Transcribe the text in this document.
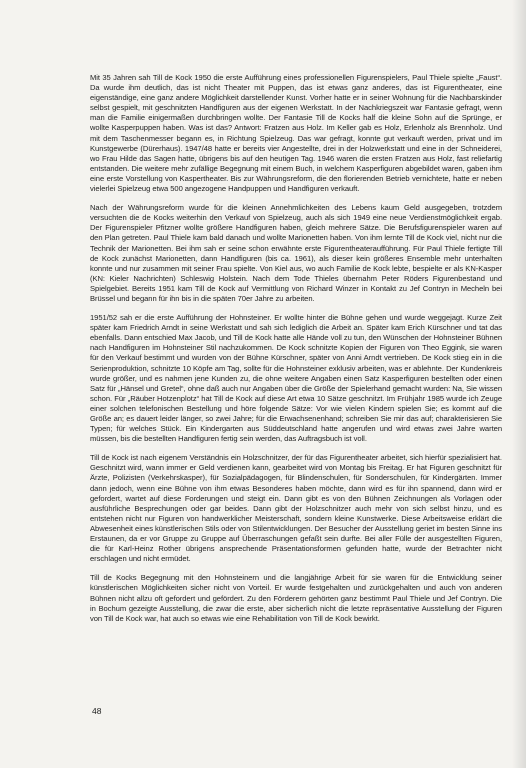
Mit 35 Jahren sah Till de Kock 1950 die erste Aufführung eines professionellen Figurenspielers, Paul Thiele spielte „Faust“. Da wurde ihm deutlich, das ist nicht Theater mit Puppen, das ist etwas ganz anderes, das ist Figurentheater, eine eigenständige, eine ganz andere Möglichkeit darstellender Kunst. Vorher hatte er in seiner Wohnung für die Nachbarskinder selbst gespielt, mit geschnitzten Handfiguren aus der eigenen Werkstatt. In der Nachkriegszeit war Fantasie gefragt, wenn man die Familie einigermaßen durchbringen wollte. Der Fantasie Till de Kocks half die kleine Sohn auf die Sprünge, er wollte Kasperpuppen haben. Was ist das? Antwort: Fratzen aus Holz. Im Keller gab es Holz, Erlenholz als Brennholz. Und mit dem Taschenmesser begann es, in Richtung Spielzeug. Das war gefragt, konnte gut verkauft werden, privat und im Kunstgewerbe (Dürerhaus). 1947/48 hatte er bereits vier Angestellte, drei in der Holzwerkstatt und eine in der Schneiderei, wo Frau Hilde das Sagen hatte, übrigens bis auf den heutigen Tag. 1946 waren die ersten Fratzen aus Holz, fast reliefartig entstanden. Die weitere mehr zufällige Begegnung mit einem Buch, in welchem Kasperfiguren abgebildet waren, gaben ihm eine erste Vorstellung von Kaspertheater. Bis zur Währungsreform, die den florierenden Betrieb vernichtete, hatte er neben vielerlei Spielzeug etwa 500 angezogene Handpuppen und Handfiguren verkauft.

Nach der Währungsreform wurde für die kleinen Annehmlichkeiten des Lebens kaum Geld ausgegeben, trotzdem versuchten die de Kocks weiterhin den Verkauf von Spielzeug, auch als sich 1949 eine neue Verdienstmöglichkeit ergab. Der Figurenspieler Pfitzner wollte größere Handfiguren haben, gleich mehrere Sätze. Die Berufsfigurenspieler waren auf den Plan getreten. Paul Thiele kam bald danach und wollte Marionetten haben. Von ihm lernte Till de Kock viel, nicht nur die Technik der Marionetten. Bei ihm sah er seine schon erwähnte erste Figurentheateraufführung. Für Paul Thiele fertigte Till de Kock zunächst Marionetten, dann Handfiguren (bis ca. 1961), als dieser kein größeres Ensemble mehr unterhalten konnte und nur zusammen mit seiner Frau spielte. Von Kiel aus, wo auch Familie de Kock lebte, bespielte er als KN-Kasper (KN: Kieler Nachrichten) Schleswig Holstein. Nach dem Tode Thieles übernahm Peter Röders Figurenbestand und Spielgebiet. Bereits 1951 kam Till de Kock auf Vermittlung von Richard Winzer in Kontakt zu Jef Contryn in Mecheln bei Brüssel und begann für ihn bis in die späten 70er Jahre zu arbeiten.

1951/52 sah er die erste Aufführung der Hohnsteiner. Er wollte hinter die Bühne gehen und wurde weggejagt. Kurze Zeit später kam Friedrich Arndt in seine Werkstatt und sah sich lediglich die Arbeit an. Später kam Erich Kürschner und tat das ebenfalls. Dann entschied Max Jacob, und Till de Kock hatte alle Hände voll zu tun, den Wünschen der Hohnsteiner Bühnen nach Handfiguren im Hohnsteiner Stil nachzukommen. De Kock schnitzte Kopien der Figuren von Theo Eggink, sie waren für den Verkauf bestimmt und wurden von der Bühne Kürschner, später von Anni Arndt vertrieben. De Kock stieg ein in die Serienproduktion, schnitzte 10 Köpfe am Tag, sollte für die Hohnsteiner exklusiv arbeiten, was er ablehnte. Der Kundenkreis wurde größer, und es nahmen jene Kunden zu, die ohne weitere Angaben einen Satz Kasperfiguren bestellten oder einen Satz für „Hänsel und Gretel“, ohne daß auch nur Angaben über die Größe der Spielerhand gemacht wurden: Na, Sie wissen schon. Für „Räuber Hotzenplotz“ hat Till de Kock auf diese Art etwa 10 Sätze geschnitzt. Im Frühjahr 1985 wurde ich Zeuge einer solchen telefonischen Bestellung und höre folgende Sätze: Vor wie vielen Kindern spielen Sie; es kommt auf die Größe an; es dauert leider länger, so zwei Jahre; für die Erwachsenenhand; schreiben Sie mir das auf; charakterisieren Sie Typen; für welches Stück. Ein Kindergarten aus Süddeutschland hatte angerufen und wird etwas zwei Jahre warten müssen, bis die bestellten Handfiguren fertig sein werden, das Auftragsbuch ist voll.

Till de Kock ist nach eigenem Verständnis ein Holzschnitzer, der für das Figurentheater arbeitet, sich hierfür spezialisiert hat. Geschnitzt wird, wann immer er Geld verdienen kann, gearbeitet wird von Montag bis Freitag. Er hat Figuren geschnitzt für Ärzte, Polizisten (Verkehrskasper), für Sozialpädagogen, für Blindenschulen, für Sonderschulen, für Kindergärten. Immer dann jedoch, wenn eine Bühne von ihm etwas Besonderes haben möchte, dann wird es für ihn spannend, dann wird er gefordert, wartet auf diese Forderungen und steigt ein. Dann gibt es von den Bühnen Zeichnungen als Vorlagen oder ausführliche Besprechungen oder gar beides. Dann gibt der Holzschnitzer auch mehr von sich selbst hinzu, und es entstehen nicht nur Figuren von handwerklicher Meisterschaft, sondern kleine Kunstwerke. Diese Arbeitsweise erklärt die Abwesenheit eines künstlerischen Stils oder von Stilentwicklungen. Der Besucher der Ausstellung geriet im besten Sinne ins Erstaunen, da er vor Gruppe zu Gruppe auf Überraschungen gefaßt sein durfte. Bei aller Fülle der ausgestellten Figuren, die für Karl-Heinz Rother übrigens ansprechende Präsentationsformen gefunden hatte, wurde der Betrachter nicht erschlagen und nicht ermüdet.

Till de Kocks Begegnung mit den Hohnsteinern und die langjährige Arbeit für sie waren für die Entwicklung seiner künstlerischen Möglichkeiten sicher nicht von Vorteil. Er wurde festgehalten und zurückgehalten und auch von anderen Bühnen nicht allzu oft gefordert und gefördert. Zu den Förderern gehörten ganz bestimmt Paul Thiele und Jef Contryn. Die in Bochum gezeigte Ausstellung, die zwar die erste, aber sicherlich nicht die letzte repräsentative Ausstellung der Figuren von Till de Kock war, hat auch so etwas wie eine Rehabilitation von Till de Kock bewirkt.

48
